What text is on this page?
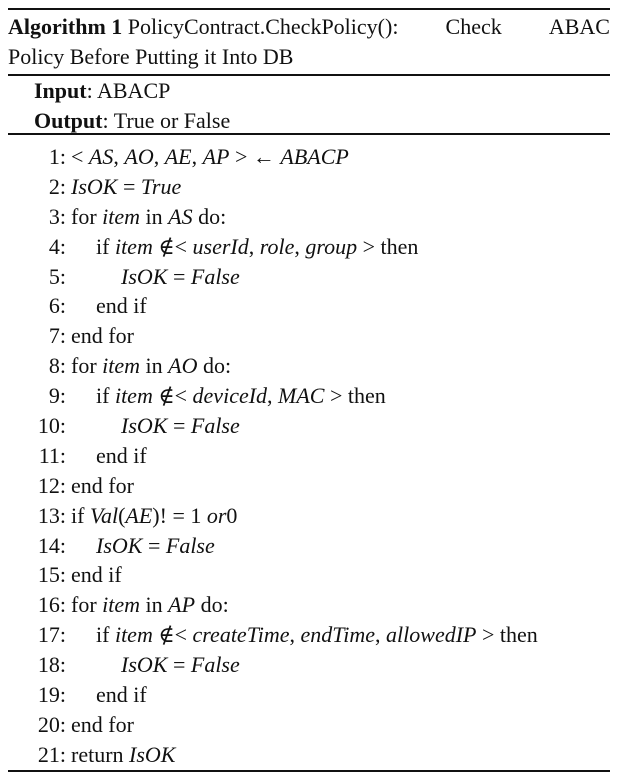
Algorithm 1 PolicyContract.CheckPolicy(): Check ABAC
Policy Before Putting it Into DB
Input: ABACP
Output: True or False
1: < AS, AO, AE, AP > ← ABACP
2: IsOK = True
3: for item in AS do:
4: if item ∉< userId, role, group > then
5:	IsOK = False
6: end if
7: end for
8: for item in AO do:
9: if item ∉< deviceId, MAC > then
10:	IsOK = False
11: end if
12: end for
13: if Val(AE)! = 1 or0
14: IsOK = False
15: end if
16: for item in AP do:
17: if item ∉< createTime, endTime, allowedIP > then
18:	IsOK = False
19: end if
20: end for
21: return IsOK
